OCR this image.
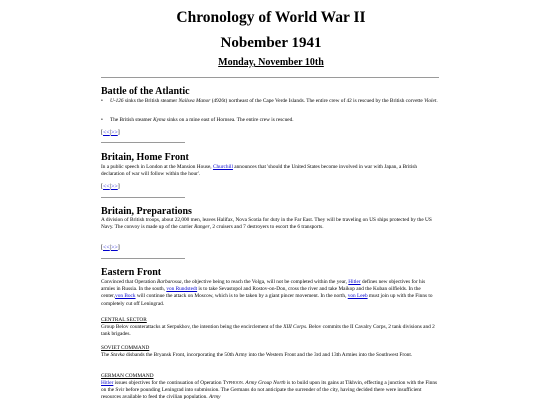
Chronology of World War II
Nobember 1941
Monday, November 10th
Battle of the Atlantic
• U-126 sinks the British steamer Nailsea Manor (4926t) northeast of the Cape Verde Islands. The entire crew of 42 is rescued by the British corvette Violet.
• The British steamer Kyma sinks on a mine east of Hornsea. The entire crew is rescued.
[<<|>>]
Britain, Home Front
In a public speech in London at the Mansion House, Churchill announces that 'should the United States become involved in war with Japan, a British declaration of war will follow within the hour'.
[<<|>>]
Britain, Preparations
A division of British troops, about 22,000 men, leaves Halifax, Nova Scotia for duty in the Far East. They will be traveling on US ships protected by the US Navy. The convoy is made up of the carrier Ranger, 2 cruisers and 7 destroyers to escort the 6 transports.
[<<|>>]
Eastern Front
Convinced that Operation Barbarossa, the objective being to reach the Volga, will not be completed within the year, Hitler defines new objectives for his armies in Russia. In the south, von Rundstedt is to take Sevastopol and Rostov-on-Don, cross the river and take Maikop and the Kuban oilfields. In the center,von Bock will continue the attack on Moscow, which is to be taken by a giant pincer movement. In the north, von Leeb must join up with the Finns to completely cut off Leningrad.
CENTRAL SECTOR
Group Belov counterattacks at Serpukhov, the intention being the encirclement of the XIII Corps. Belov commits the II Cavalry Corps, 2 tank divisions and 2 tank brigades.
SOVIET COMMAND
The Stavka disbands the Bryansk Front, incorporating the 50th Army into the Western Front and the 3rd and 13th Armies into the Southwest Front.
GERMAN COMMAND
Hitler issues objectives for the continuation of Operation Typhoon. Army Group North is to build upon its gains at Tikhvin, effecting a junction with the Finns on the Svir before pounding Leningrad into submission. The Germans do not anticipate the surrender of the city, having decided there were insufficient resources available to feed the civilian population. Army
